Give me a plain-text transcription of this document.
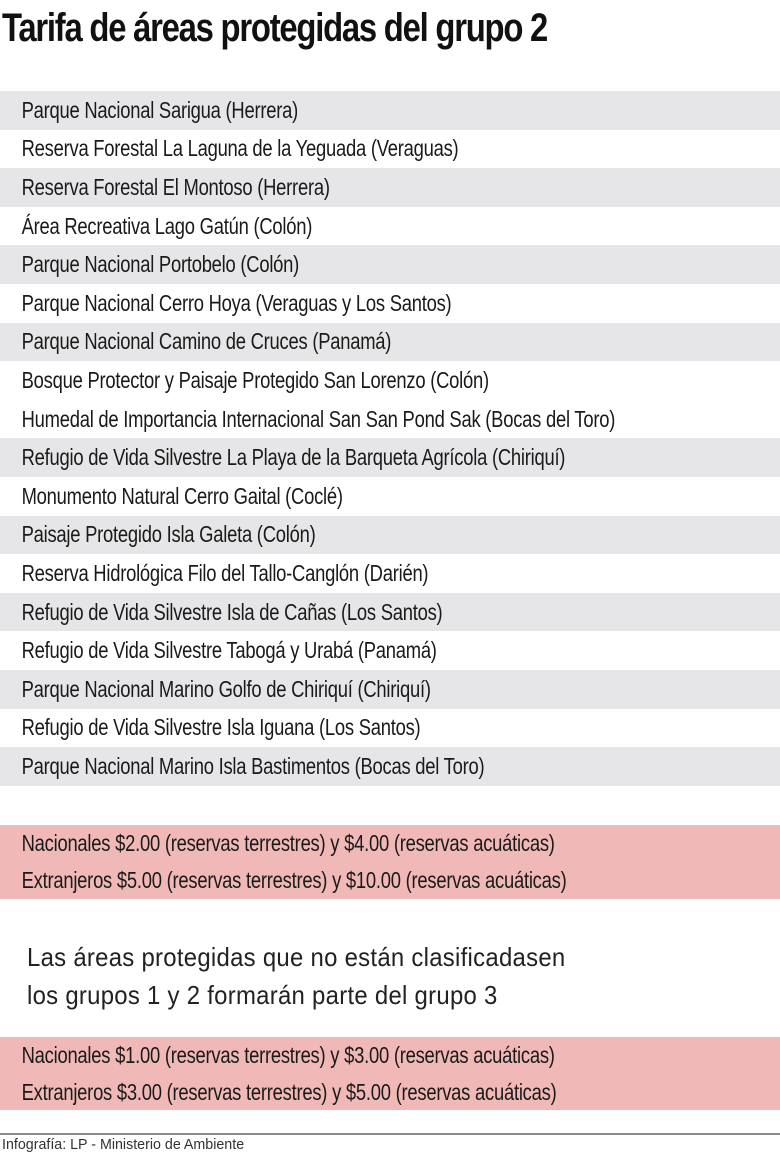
Tarifa de áreas protegidas del grupo 2
Parque Nacional Sarigua (Herrera)
Reserva Forestal La Laguna de la Yeguada (Veraguas)
Reserva Forestal El Montoso (Herrera)
Área Recreativa Lago Gatún (Colón)
Parque Nacional Portobelo (Colón)
Parque Nacional Cerro Hoya (Veraguas y Los Santos)
Parque Nacional Camino de Cruces (Panamá)
Bosque Protector y Paisaje Protegido San Lorenzo (Colón)
Humedal de Importancia Internacional San San Pond Sak (Bocas del Toro)
Refugio de Vida Silvestre La Playa de la Barqueta Agrícola (Chiriquí)
Monumento Natural Cerro Gaital (Coclé)
Paisaje Protegido Isla Galeta (Colón)
Reserva Hidrológica Filo del Tallo-Canglón (Darién)
Refugio de Vida Silvestre Isla de Cañas (Los Santos)
Refugio de Vida Silvestre Tabogá y Urabá (Panamá)
Parque Nacional Marino Golfo de Chiriquí (Chiriquí)
Refugio de Vida Silvestre Isla Iguana (Los Santos)
Parque Nacional Marino Isla Bastimentos (Bocas del Toro)
Nacionales $2.00 (reservas terrestres) y $4.00 (reservas acuáticas)
Extranjeros $5.00 (reservas terrestres) y $10.00 (reservas acuáticas)
Las áreas protegidas que no están clasificadasen
los grupos 1 y 2 formarán parte del grupo 3
Nacionales $1.00 (reservas terrestres) y $3.00 (reservas acuáticas)
Extranjeros $3.00 (reservas terrestres) y $5.00 (reservas acuáticas)
Infografía: LP - Ministerio de Ambiente
